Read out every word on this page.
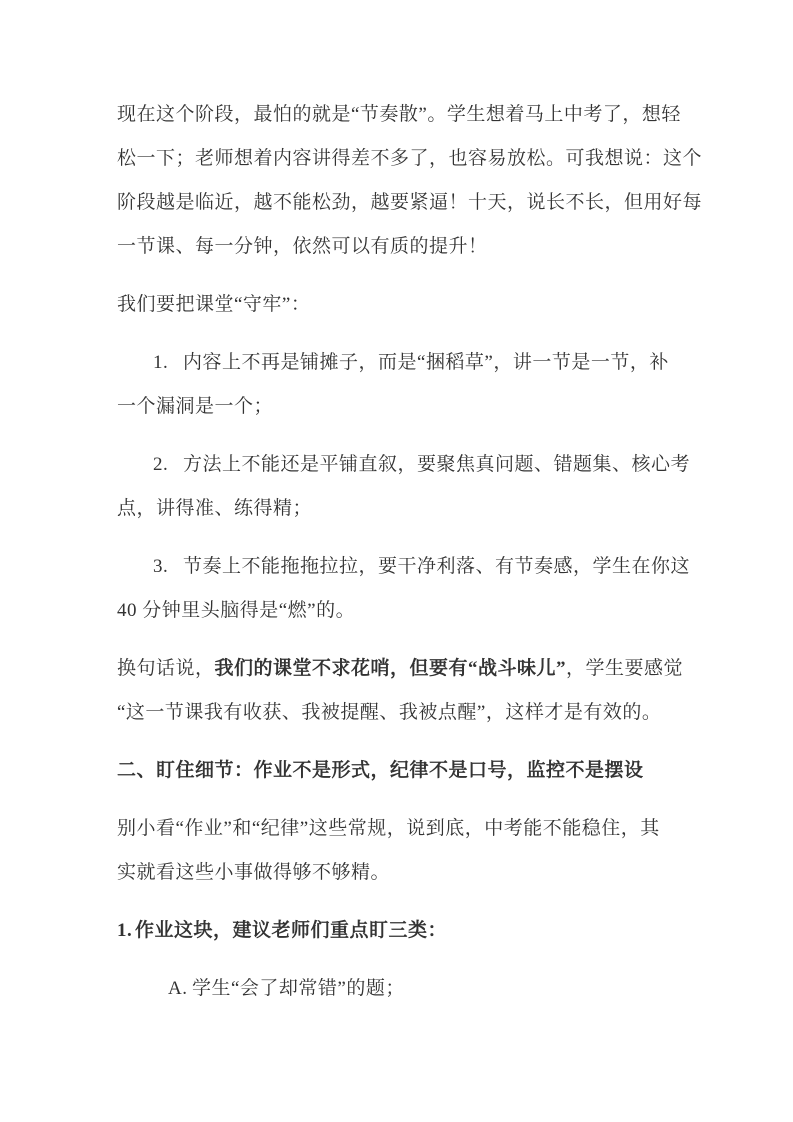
现在这个阶段，最怕的就是“节奏散”。学生想着马上中考了，想轻
松一下；老师想着内容讲得差不多了，也容易放松。可我想说：这个
阶段越是临近，越不能松劲，越要紧逼！十天，说长不长，但用好每
一节课、每一分钟，依然可以有质的提升！
我们要把课堂“守牢”：
1. 内容上不再是铺摊子，而是“捆稻草”，讲一节是一节，补
一个漏洞是一个；
2. 方法上不能还是平铺直叙，要聚焦真问题、错题集、核心考
点，讲得准、练得精；
3. 节奏上不能拖拖拉拉，要干净利落、有节奏感，学生在你这
40 分钟里头脑得是“燃”的。
换句话说，我们的课堂不求花哨，但要有“战斗味儿”，学生要感觉
“这一节课我有收获、我被提醒、我被点醒”，这样才是有效的。
二、盯住细节：作业不是形式，纪律不是口号，监控不是摆设
别小看“作业”和“纪律”这些常规，说到底，中考能不能稳住，其
实就看这些小事做得够不够精。
1. 作业这块，建议老师们重点盯三类：
A. 学生“会了却常错”的题；
